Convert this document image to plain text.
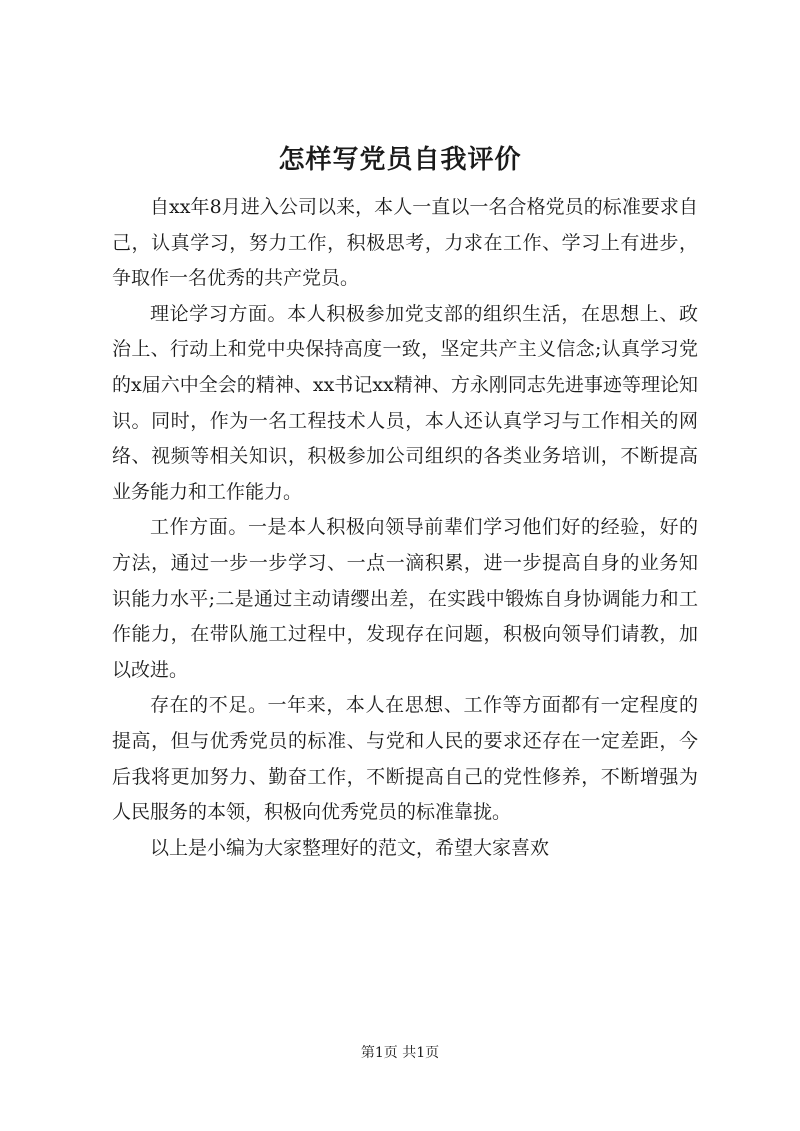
怎样写党员自我评价

自xx年8月进入公司以来，本人一直以一名合格党员的标准要求自己，认真学习，努力工作，积极思考，力求在工作、学习上有进步，争取作一名优秀的共产党员。

理论学习方面。本人积极参加党支部的组织生活，在思想上、政治上、行动上和党中央保持高度一致，坚定共产主义信念;认真学习党的x届六中全会的精神、xx书记xx精神、方永刚同志先进事迹等理论知识。同时，作为一名工程技术人员，本人还认真学习与工作相关的网络、视频等相关知识，积极参加公司组织的各类业务培训，不断提高业务能力和工作能力。

工作方面。一是本人积极向领导前辈们学习他们好的经验，好的方法，通过一步一步学习、一点一滴积累，进一步提高自身的业务知识能力水平;二是通过主动请缨出差，在实践中锻炼自身协调能力和工作能力，在带队施工过程中，发现存在问题，积极向领导们请教，加以改进。

存在的不足。一年来，本人在思想、工作等方面都有一定程度的提高，但与优秀党员的标准、与党和人民的要求还存在一定差距，今后我将更加努力、勤奋工作，不断提高自己的党性修养，不断增强为人民服务的本领，积极向优秀党员的标准靠拢。

以上是小编为大家整理好的范文，希望大家喜欢

第1页 共1页
